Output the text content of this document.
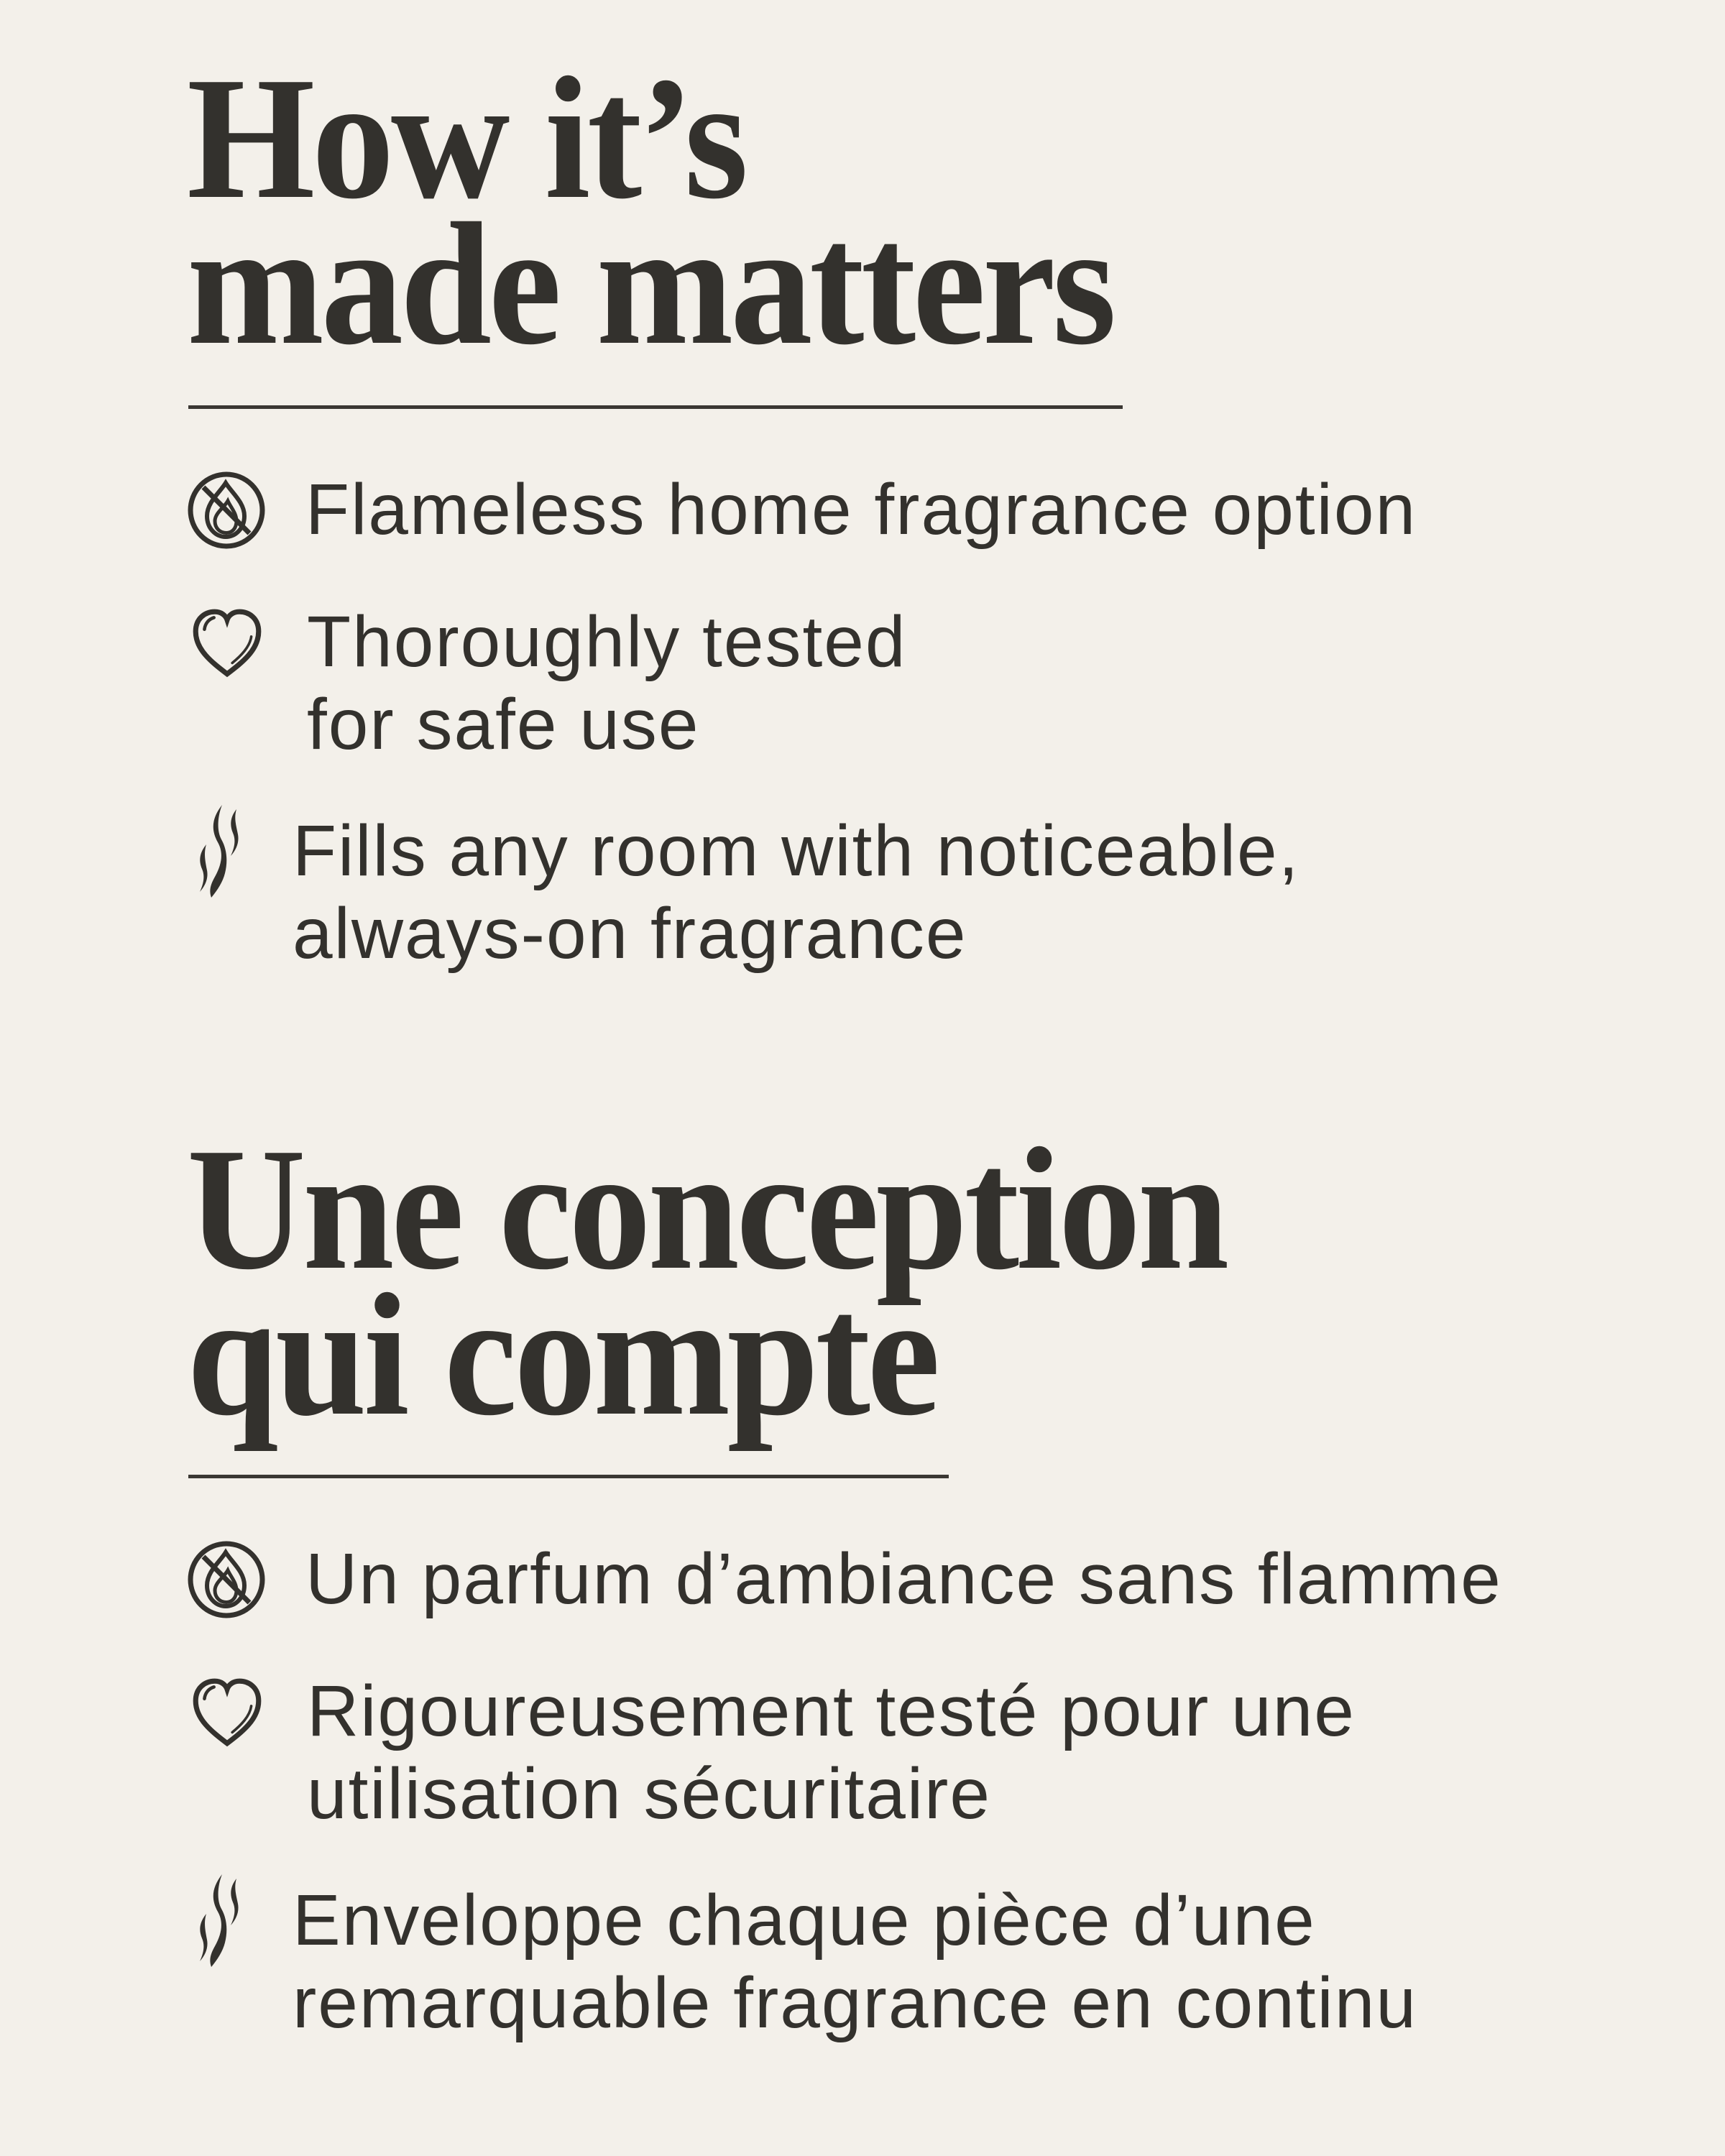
How it’s
made matters
Flameless home fragrance option
Thoroughly tested
for safe use
Fills any room with noticeable,
always-on fragrance
Une conception
qui compte
Un parfum d’ambiance sans flamme
Rigoureusement testé pour une
utilisation sécuritaire
Enveloppe chaque pièce d’une
remarquable fragrance en continu
